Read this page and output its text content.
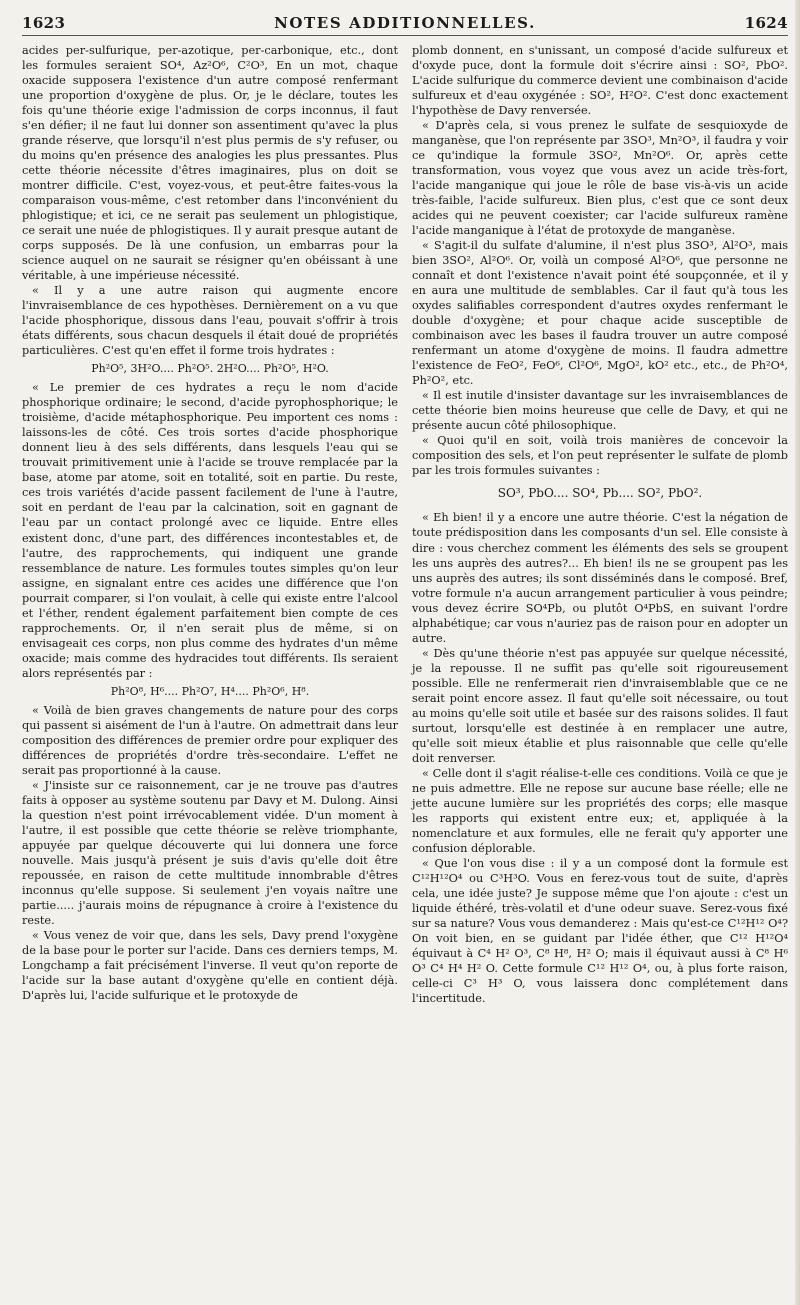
1623	NOTES ADDITIONNELLES.	1624

acides per-sulfurique, per-azotique, per-carbonique, etc., dont les formules seraient SO⁴, Az²O⁶, C²O³, En un mot, chaque oxacide supposera l'existence d'un autre composé renfermant une proportion d'oxygène de plus. Or, je le déclare, toutes les fois qu'une théorie exige l'admission de corps inconnus, il faut s'en défier; il ne faut lui donner son assentiment qu'avec la plus grande réserve, que lorsqu'il n'est plus permis de s'y refuser, ou du moins qu'en présence des analogies les plus pressantes. Plus cette théorie nécessite d'êtres imaginaires, plus on doit se montrer difficile. C'est, voyez-vous, et peut-être faites-vous la comparaison vous-même, c'est retomber dans l'inconvénient du phlogistique; et ici, ce ne serait pas seulement un phlogistique, ce serait une nuée de phlogistiques. Il y aurait presque autant de corps supposés. De là une confusion, un embarras pour la science auquel on ne saurait se résigner qu'en obéissant à une véritable, à une impérieuse nécessité.

« Il y a une autre raison qui augmente encore l'invraisemblance de ces hypothèses. Dernièrement on a vu que l'acide phosphorique, dissous dans l'eau, pouvait s'offrir à trois états différents, sous chacun desquels il était doué de propriétés particulières. C'est qu'en effet il forme trois hydrates :

Ph²O⁵, 3H²O.... Ph²O⁵. 2H²O.... Ph²O⁵, H²O.

« Le premier de ces hydrates a reçu le nom d'acide phosphorique ordinaire; le second, d'acide pyrophosphorique; le troisième, d'acide métaphosphorique. Peu importent ces noms : laissons-les de côté. Ces trois sortes d'acide phosphorique donnent lieu à des sels différents, dans lesquels l'eau qui se trouvait primitivement unie à l'acide se trouve remplacée par la base, atome par atome, soit en totalité, soit en partie. Du reste, ces trois variétés d'acide passent facilement de l'une à l'autre, soit en perdant de l'eau par la calcination, soit en gagnant de l'eau par un contact prolongé avec ce liquide. Entre elles existent donc, d'une part, des différences incontestables et, de l'autre, des rapprochements, qui indiquent une grande ressemblance de nature. Les formules toutes simples qu'on leur assigne, en signalant entre ces acides une différence que l'on pourrait comparer, si l'on voulait, à celle qui existe entre l'alcool et l'éther, rendent également parfaitement bien compte de ces rapprochements. Or, il n'en serait plus de même, si on envisageait ces corps, non plus comme des hydrates d'un même oxacide; mais comme des hydracides tout différents. Ils seraient alors représentés par :

Ph²O⁸, H⁶.... Ph²O⁷, H⁴.... Ph²O⁶, H⁸.

« Voilà de bien graves changements de nature pour des corps qui passent si aisément de l'un à l'autre. On admettrait dans leur composition des différences de premier ordre pour expliquer des différences de propriétés d'ordre très-secondaire. L'effet ne serait pas proportionné à la cause.

« J'insiste sur ce raisonnement, car je ne trouve pas d'autres faits à opposer au système soutenu par Davy et M. Dulong. Ainsi la question n'est point irrévocablement vidée. D'un moment à l'autre, il est possible que cette théorie se relève triomphante, appuyée par quelque découverte qui lui donnera une force nouvelle. Mais jusqu'à présent je suis d'avis qu'elle doit être repoussée, en raison de cette multitude innombrable d'êtres inconnus qu'elle suppose. Si seulement j'en voyais naître une partie..... j'aurais moins de répugnance à croire à l'existence du reste.

« Vous venez de voir que, dans les sels, Davy prend l'oxygène de la base pour le porter sur l'acide. Dans ces derniers temps, M. Longchamp a fait précisément l'inverse. Il veut qu'on reporte de l'acide sur la base autant d'oxygène qu'elle en contient déjà. D'après lui, l'acide sulfurique et le protoxyde de

plomb donnent, en s'unissant, un composé d'acide sulfureux et d'oxyde puce, dont la formule doit s'écrire ainsi : SO², PbO². L'acide sulfurique du commerce devient une combinaison d'acide sulfureux et d'eau oxygénée : SO², H²O². C'est donc exactement l'hypothèse de Davy renversée.

« D'après cela, si vous prenez le sulfate de sesquioxyde de manganèse, que l'on représente par 3SO³, Mn²O³, il faudra y voir ce qu'indique la formule 3SO², Mn²O⁶. Or, après cette transformation, vous voyez que vous avez un acide très-fort, l'acide manganique qui joue le rôle de base vis-à-vis un acide très-faible, l'acide sulfureux. Bien plus, c'est que ce sont deux acides qui ne peuvent coexister; car l'acide sulfureux ramène l'acide manganique à l'état de protoxyde de manganèse.

« S'agit-il du sulfate d'alumine, il n'est plus 3SO³, Al²O³, mais bien 3SO², Al²O⁶. Or, voilà un composé Al²O⁶, que personne ne connaît et dont l'existence n'avait point été soupçonnée, et il y en aura une multitude de semblables. Car il faut qu'à tous les oxydes salifiables correspondent d'autres oxydes renfermant le double d'oxygène; et pour chaque acide susceptible de combinaison avec les bases il faudra trouver un autre composé renfermant un atome d'oxygène de moins. Il faudra admettre l'existence de FeO², FeO⁶, Cl²O⁶, MgO², kO² etc., etc., de Ph²O⁴, Ph²O², etc.

« Il est inutile d'insister davantage sur les invraisemblances de cette théorie bien moins heureuse que celle de Davy, et qui ne présente aucun côté philosophique.

« Quoi qu'il en soit, voilà trois manières de concevoir la composition des sels, et l'on peut représenter le sulfate de plomb par les trois formules suivantes :

SO³, PbO.... SO⁴, Pb.... SO², PbO².

« Eh bien! il y a encore une autre théorie. C'est la négation de toute prédisposition dans les composants d'un sel. Elle consiste à dire : vous cherchez comment les éléments des sels se groupent les uns auprès des autres?... Eh bien! ils ne se groupent pas les uns auprès des autres; ils sont disséminés dans le composé. Bref, votre formule n'a aucun arrangement particulier à vous peindre; vous devez écrire SO⁴Pb, ou plutôt O⁴PbS, en suivant l'ordre alphabétique; car vous n'auriez pas de raison pour en adopter un autre.

« Dès qu'une théorie n'est pas appuyée sur quelque nécessité, je la repousse. Il ne suffit pas qu'elle soit rigoureusement possible. Elle ne renfermerait rien d'invraisemblable que ce ne serait point encore assez. Il faut qu'elle soit nécessaire, ou tout au moins qu'elle soit utile et basée sur des raisons solides. Il faut surtout, lorsqu'elle est destinée à en remplacer une autre, qu'elle soit mieux établie et plus raisonnable que celle qu'elle doit renverser.

« Celle dont il s'agit réalise-t-elle ces conditions. Voilà ce que je ne puis admettre. Elle ne repose sur aucune base réelle; elle ne jette aucune lumière sur les propriétés des corps; elle masque les rapports qui existent entre eux; et, appliquée à la nomenclature et aux formules, elle ne ferait qu'y apporter une confusion déplorable.

« Que l'on vous dise : il y a un composé dont la formule est C¹²H¹²O⁴ ou C³H³O. Vous en ferez-vous tout de suite, d'après cela, une idée juste? Je suppose même que l'on ajoute : c'est un liquide éthéré, très-volatil et d'une odeur suave. Serez-vous fixé sur sa nature? Vous vous demanderez : Mais qu'est-ce C¹²H¹² O⁴? On voit bien, en se guidant par l'idée éther, que C¹² H¹²O⁴ équivaut à C⁴ H² O³, C⁸ H⁸, H² O; mais il équivaut aussi à C⁸ H⁶ O³ C⁴ H⁴ H² O. Cette formule C¹² H¹² O⁴, ou, à plus forte raison, celle-ci C³ H³ O, vous laissera donc complétement dans l'incertitude.
